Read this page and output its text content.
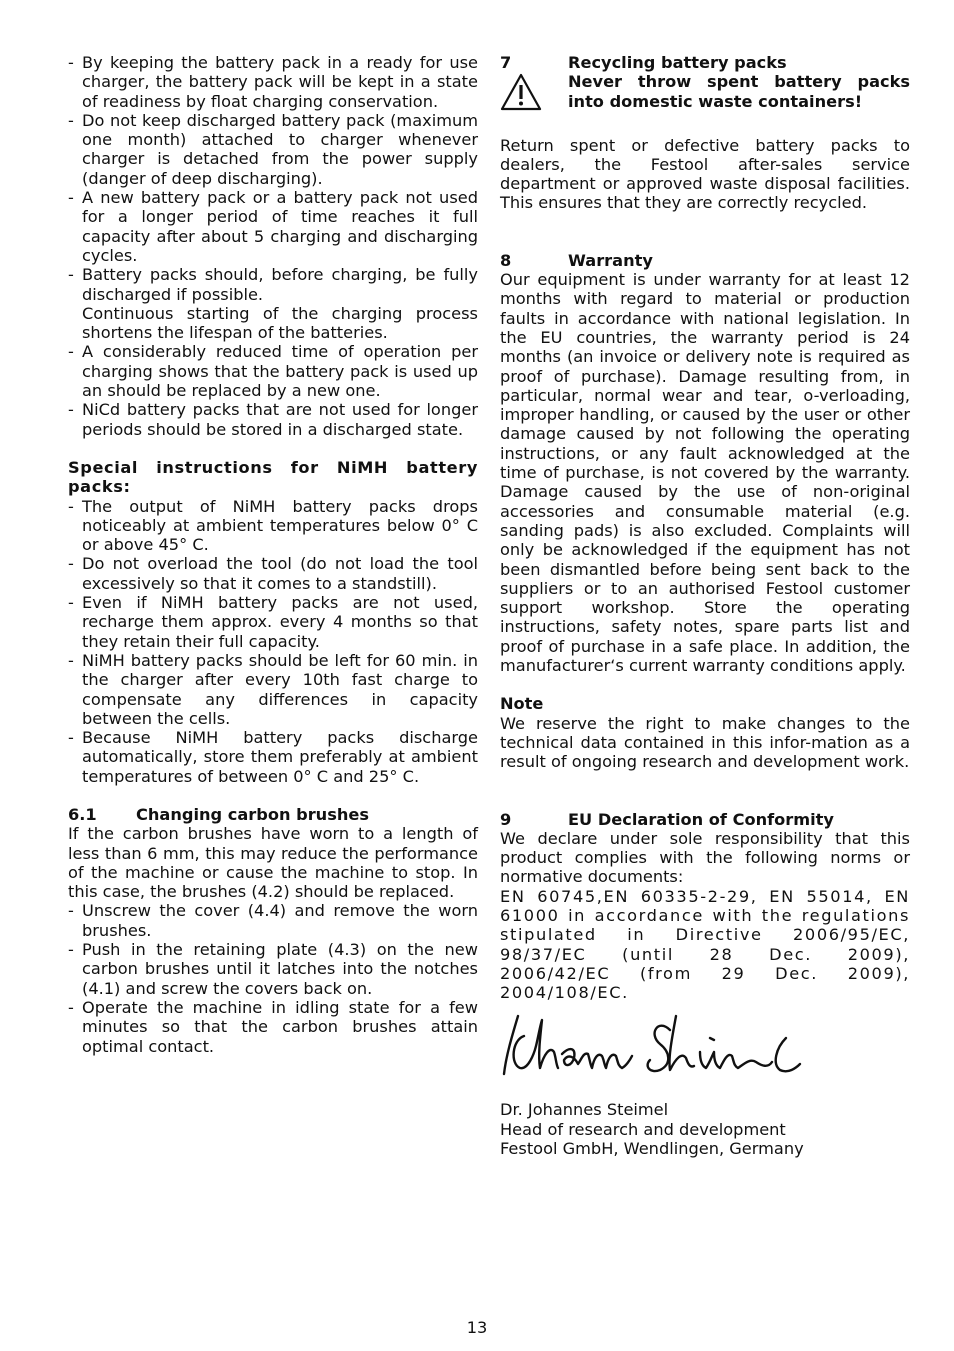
- By keeping the battery pack in a ready for use charger, the battery pack will be kept in a state of readiness by float charging conservation.
- Do not keep discharged battery pack (maximum one month) attached to charger whenever charger is detached from the power supply (danger of deep discharging).
- A new battery pack or a battery pack not used for a longer period of time reaches it full capacity after about 5 charging and discharging cycles.
- Battery packs should, before charging, be fully discharged if possible.
Continuous starting of the charging process shortens the lifespan of the batteries.
- A considerably reduced time of operation per charging shows that the battery pack is used up an should be replaced by a new one.
- NiCd battery packs that are not used for longer periods should be stored in a discharged state.

Special instructions for NiMH battery packs:

- The output of NiMH battery packs drops noticeably at ambient temperatures below 0° C or above 45° C.
- Do not overload the tool (do not load the tool excessively so that it comes to a standstill).
- Even if NiMH battery packs are not used, recharge them approx. every 4 months so that they retain their full capacity.
- NiMH battery packs should be left for 60 min. in the charger after every 10th fast charge to compensate any differences in capacity between the cells.
- Because NiMH battery packs discharge automatically, store them preferably at ambient temperatures of between 0° C and 25° C.

6.1 Changing carbon brushes

If the carbon brushes have worn to a length of less than 6 mm, this may reduce the performance of the machine or cause the machine to stop. In this case, the brushes (4.2) should be replaced.

- Unscrew the cover (4.4) and remove the worn brushes.
- Push in the retaining plate (4.3) on the new carbon brushes until it latches into the notches (4.1) and screw the covers back on.
- Operate the machine in idling state for a few minutes so that the carbon brushes attain optimal contact.

7	Recycling battery packs

Never throw spent battery packs into domestic waste containers!

Return spent or defective battery packs to dealers, the Festool after-sales service department or approved waste disposal facilities. This ensures that they are correctly recycled.

8	Warranty

Our equipment is under warranty for at least 12 months with regard to material or production faults in accordance with national legislation. In the EU countries, the warranty period is 24 months (an invoice or delivery note is required as proof of purchase). Damage resulting from, in particular, normal wear and tear, o-verloading, improper handling, or caused by the user or other damage caused by not following the operating instructions, or any fault acknowledged at the time of purchase, is not covered by the warranty. Damage caused by the use of non-original accessories and consumable material (e.g. sanding pads) is also excluded. Complaints will only be acknowledged if the equipment has not been dismantled before being sent back to the suppliers or to an authorised Festool customer support workshop. Store the operating instructions, safety notes, spare parts list and proof of purchase in a safe place. In addition, the manufacturer‘s current warranty conditions apply.

Note

We reserve the right to make changes to the technical data contained in this infor-mation as a result of ongoing research and development work.

9	EU Declaration of Conformity

We declare under sole responsibility that this product complies with the following norms or normative documents:

EN 60745,EN 60335-2-29, EN 55014, EN 61000 in accordance with the regulations stipulated in Directive 2006/95/EC, 98/37/EC (until 28 Dec. 2009), 2006/42/EC (from 29 Dec. 2009), 2004/108/EC.

Dr. Johannes Steimel

Head of research and development

Festool GmbH, Wendlingen, Germany

13
